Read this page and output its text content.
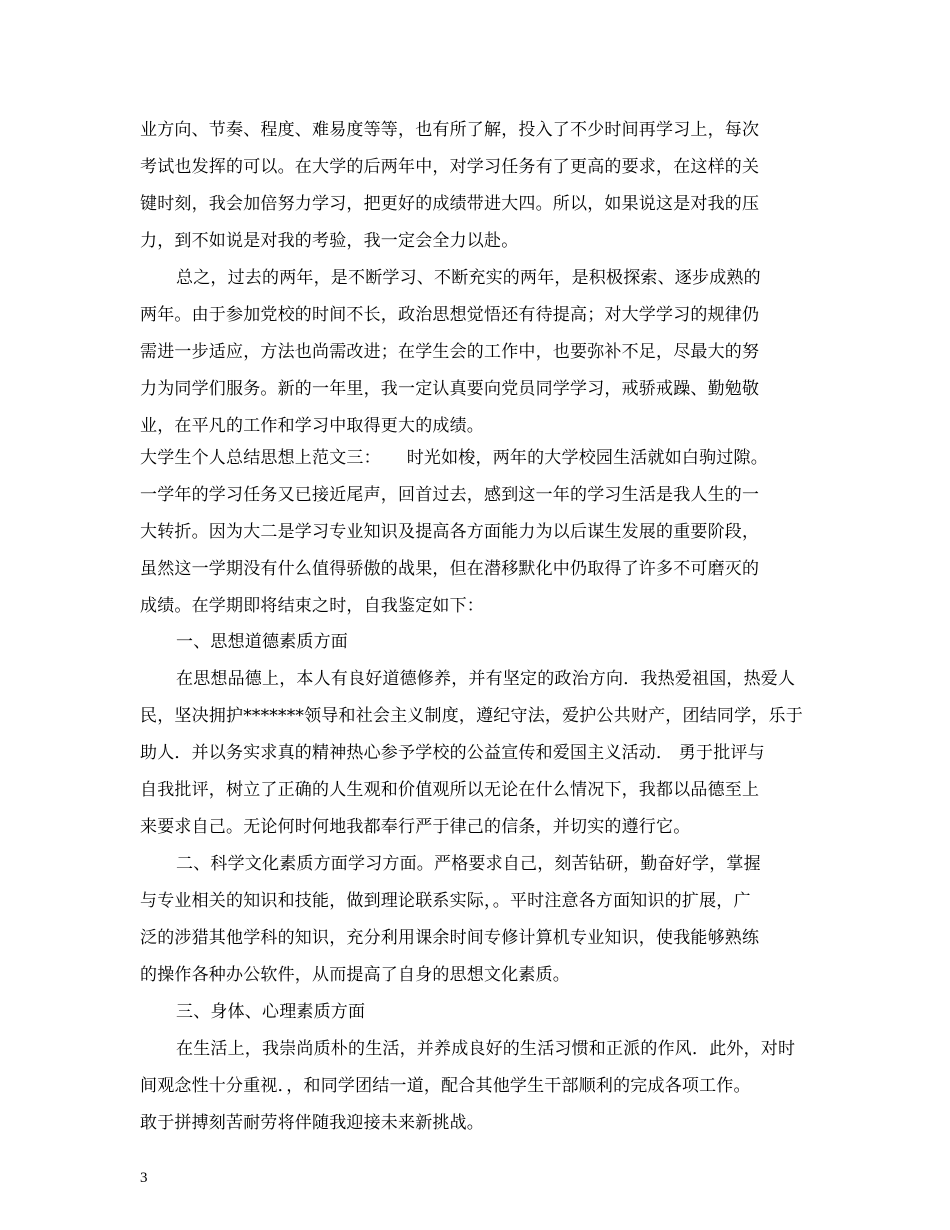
业方向、节奏、程度、难易度等等，也有所了解，投入了不少时间再学习上，每次
考试也发挥的可以。在大学的后两年中，对学习任务有了更高的要求，在这样的关
键时刻，我会加倍努力学习，把更好的成绩带进大四。所以，如果说这是对我的压
力，到不如说是对我的考验，我一定会全力以赴。
总之，过去的两年，是不断学习、不断充实的两年，是积极探索、逐步成熟的
两年。由于参加党校的时间不长，政治思想觉悟还有待提高；对大学学习的规律仍
需进一步适应，方法也尚需改进；在学生会的工作中，也要弥补不足，尽最大的努
力为同学们服务。新的一年里，我一定认真要向党员同学学习，戒骄戒躁、勤勉敬
业，在平凡的工作和学习中取得更大的成绩。
大学生个人总结思想上范文三：　　时光如梭，两年的大学校园生活就如白驹过隙。
一学年的学习任务又已接近尾声，回首过去，感到这一年的学习生活是我人生的一
大转折。因为大二是学习专业知识及提高各方面能力为以后谋生发展的重要阶段，
虽然这一学期没有什么值得骄傲的战果，但在潜移默化中仍取得了许多不可磨灭的
成绩。在学期即将结束之时，自我鉴定如下：
一、思想道德素质方面
在思想品德上，本人有良好道德修养，并有坚定的政治方向．我热爱祖国，热爱人
民，坚决拥护*******领导和社会主义制度，遵纪守法，爱护公共财产，团结同学，乐于
助人．并以务实求真的精神热心参予学校的公益宣传和爱国主义活动． 勇于批评与
自我批评，树立了正确的人生观和价值观所以无论在什么情况下，我都以品德至上
来要求自己。无论何时何地我都奉行严于律己的信条，并切实的遵行它。
二、科学文化素质方面学习方面。严格要求自己，刻苦钻研，勤奋好学，掌握
与专业相关的知识和技能，做到理论联系实际，。平时注意各方面知识的扩展，广
泛的涉猎其他学科的知识，充分利用课余时间专修计算机专业知识，使我能够熟练
的操作各种办公软件，从而提高了自身的思想文化素质。
三、身体、心理素质方面
在生活上，我崇尚质朴的生活，并养成良好的生活习惯和正派的作风．此外，对时
间观念性十分重视．，和同学团结一道，配合其他学生干部顺利的完成各项工作。
敢于拼搏刻苦耐劳将伴随我迎接未来新挑战。
3
